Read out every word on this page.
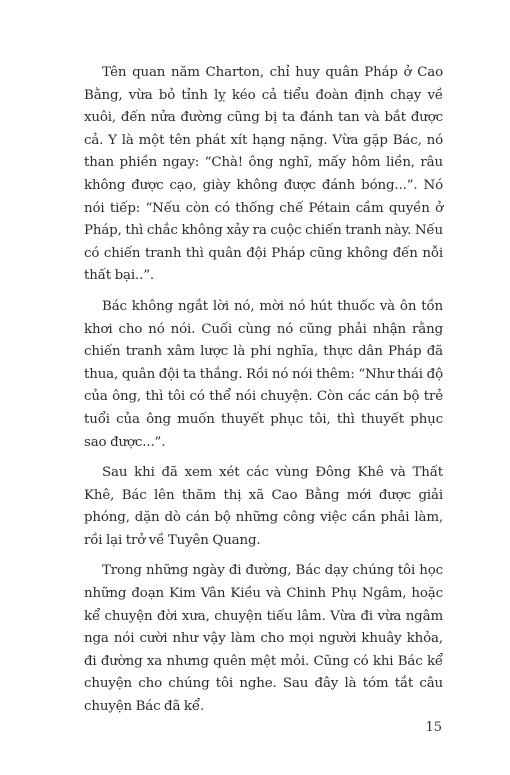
Tên quan năm Charton, chỉ huy quân Pháp ở Cao Bằng, vừa bỏ tỉnh lỵ kéo cả tiểu đoàn định chạy về xuôi, đến nửa đường cũng bị ta đánh tan và bắt được cả. Y là một tên phát xít hạng nặng. Vừa gặp Bác, nó than phiền ngay: “Chà! ông nghĩ, mấy hôm liền, râu không được cạo, giày không được đánh bóng...”. Nó nói tiếp: “Nếu còn có thống chế Pétain cầm quyền ở Pháp, thì chắc không xảy ra cuộc chiến tranh này. Nếu có chiến tranh thì quân đội Pháp cũng không đến nỗi thất bại..”.

Bác không ngắt lời nó, mời nó hút thuốc và ôn tồn khơi cho nó nói. Cuối cùng nó cũng phải nhận rằng chiến tranh xâm lược là phi nghĩa, thực dân Pháp đã thua, quân đội ta thắng. Rồi nó nói thêm: “Như thái độ của ông, thì tôi có thể nói chuyện. Còn các cán bộ trẻ tuổi của ông muốn thuyết phục tôi, thì thuyết phục sao được...”.

Sau khi đã xem xét các vùng Đông Khê và Thất Khê, Bác lên thăm thị xã Cao Bằng mới được giải phóng, dặn dò cán bộ những công việc cần phải làm, rồi lại trở về Tuyên Quang.

Trong những ngày đi đường, Bác dạy chúng tôi học những đoạn Kim Vân Kiều và Chinh Phụ Ngâm, hoặc kể chuyện đời xưa, chuyện tiếu lâm. Vừa đi vừa ngâm nga nói cười như vậy làm cho mọi người khuây khỏa, đi đường xa nhưng quên mệt mỏi. Cũng có khi Bác kể chuyện cho chúng tôi nghe. Sau đây là tóm tắt câu chuyện Bác đã kể.

15
